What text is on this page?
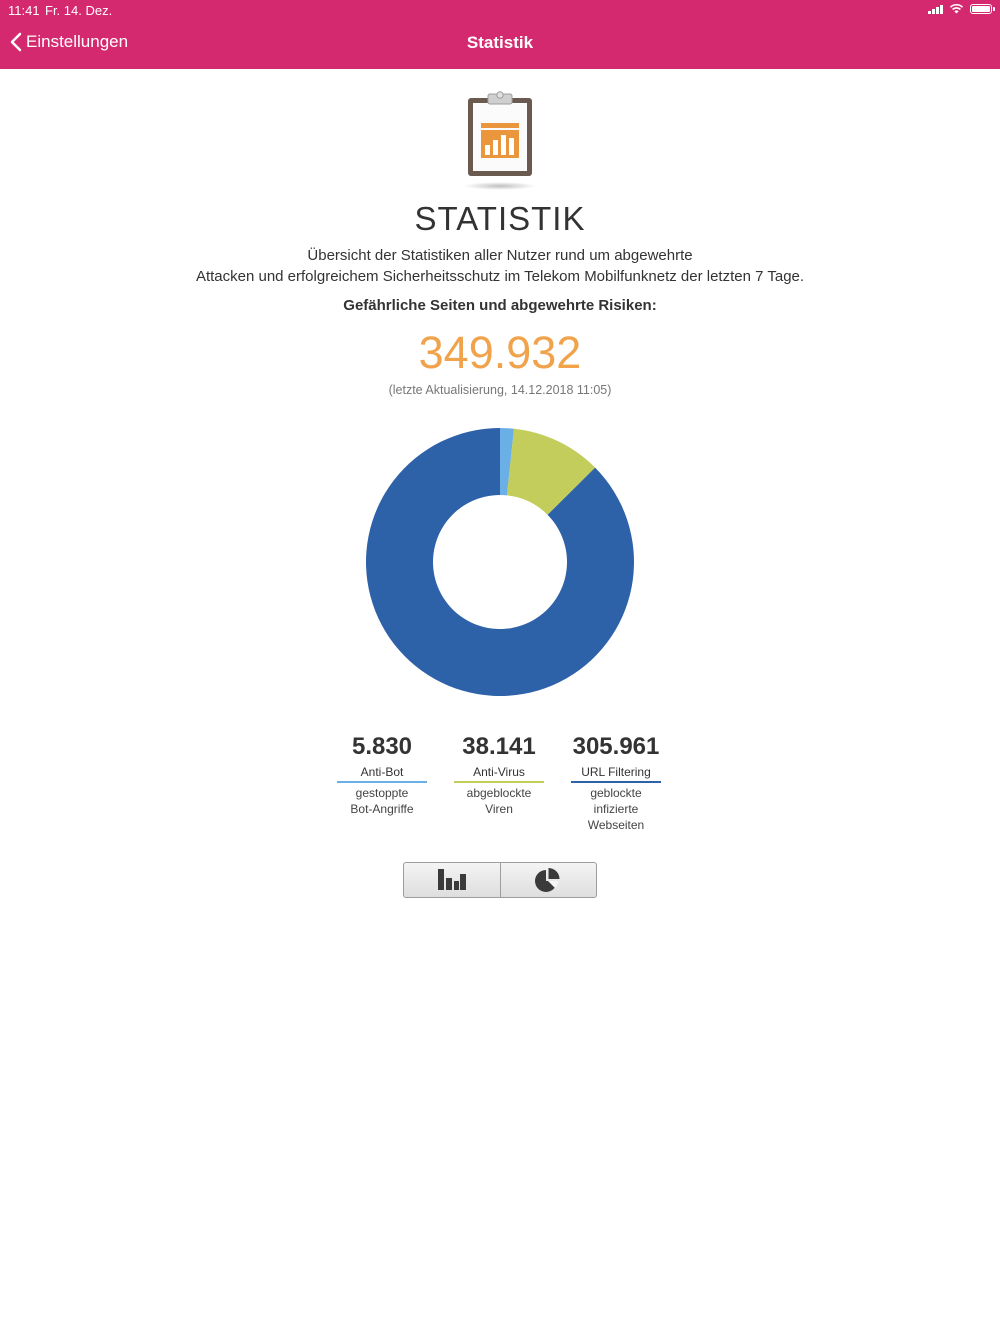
11:41 Fr. 14. Dez.
Einstellungen	Statistik
STATISTIK
Übersicht der Statistiken aller Nutzer rund um abgewehrte
Attacken und erfolgreichem Sicherheitsschutz im Telekom Mobilfunknetz der letzten 7 Tage.
Gefährliche Seiten und abgewehrte Risiken:
349.932
(letzte Aktualisierung, 14.12.2018 11:05)
5.830
Anti-Bot
gestoppte
Bot-Angriffe
38.141
Anti-Virus
abgeblockte
Viren
305.961
URL Filtering
geblockte
infizierte
Webseiten
